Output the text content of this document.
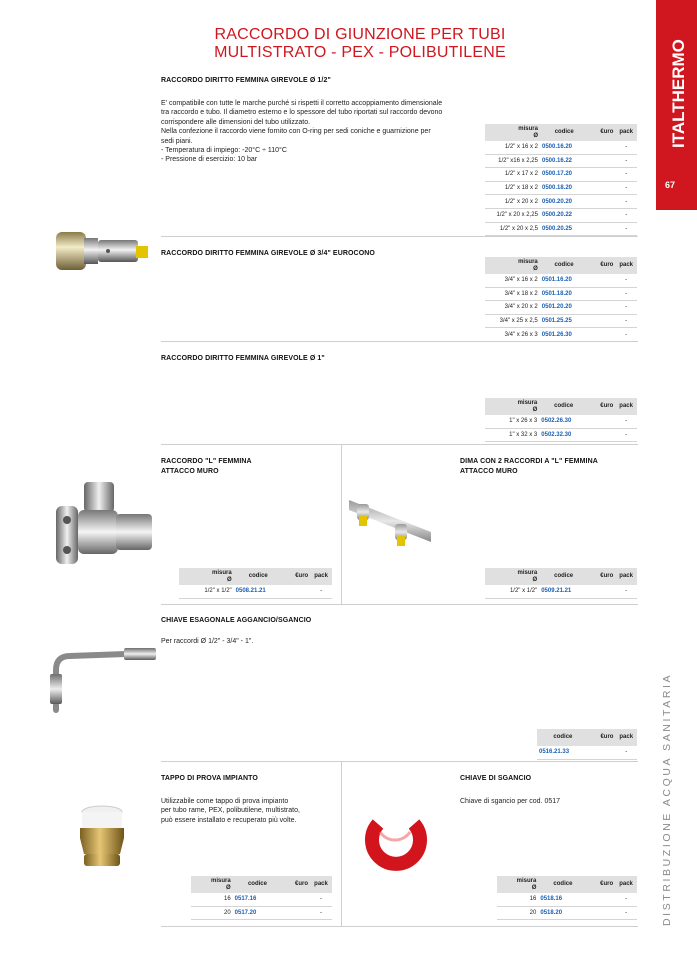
RACCORDO DI GIUNZIONE PER TUBI
MULTISTRATO - PEX - POLIBUTILENE	ITALTHERMO
67
DISTRIBUZIONE ACQUA SANITARIA
RACCORDO DIRITTO FEMMINA GIREVOLE Ø 1/2"
E' compatibile con tutte le marche purché si rispetti il corretto accoppiamento dimensionale
tra raccordo e tubo. Il diametro esterno e lo spessore del tubo riportati sul raccordo devono
corrispondere alle dimensioni del tubo utilizzato.
Nella confezione il raccordo viene fornito con O-ring per sedi coniche e guarnizione per
sedi piani.
- Temperatura di impiego: -20°C ÷ 110°C
- Pressione di esercizio: 10 bar
misura
Ø	codice	€uro	pack
1/2" x 16 x 2	0500.16.20		-
1/2" x16 x 2,25	0500.16.22		-
1/2" x 17 x 2	0500.17.20		-
1/2" x 18 x 2	0500.18.20		-
1/2" x 20 x 2	0500.20.20		-
1/2" x 20 x 2,25	0500.20.22		-
1/2" x 20 x 2,5	0500.20.25		-
RACCORDO DIRITTO FEMMINA GIREVOLE Ø 3/4" EUROCONO
misura
Ø	codice	€uro	pack
3/4" x 16 x 2	0501.16.20		-
3/4" x 18 x 2	0501.18.20		-
3/4" x 20 x 2	0501.20.20		-
3/4" x 25 x 2,5	0501.25.25		-
3/4" x 26 x 3	0501.26.30		-
RACCORDO DIRITTO FEMMINA GIREVOLE Ø 1"
misura
Ø	codice	€uro	pack
1" x 26 x 3	0502.26.30		-
1" x 32 x 3	0502.32.30		-
RACCORDO "L" FEMMINA
ATTACCO MURO
misura
Ø	codice	€uro	pack
1/2" x 1/2"	0508.21.21		-
DIMA CON 2 RACCORDI A "L" FEMMINA
ATTACCO MURO
misura
Ø	codice	€uro	pack
1/2" x 1/2"	0509.21.21		-
CHIAVE ESAGONALE AGGANCIO/SGANCIO
Per raccordi Ø 1/2" - 3/4" - 1".
codice	€uro	pack
0516.21.33		-
TAPPO DI PROVA IMPIANTO
Utilizzabile come tappo di prova impianto
per tubo rame, PEX, polibutilene, multistrato,
può essere installato e recuperato più volte.
misura
Ø	codice	€uro	pack
16	0517.16		-
20	0517.20		-
CHIAVE DI SGANCIO
Chiave di sgancio per cod. 0517
misura
Ø	codice	€uro	pack
16	0518.16		-
20	0518.20		-
